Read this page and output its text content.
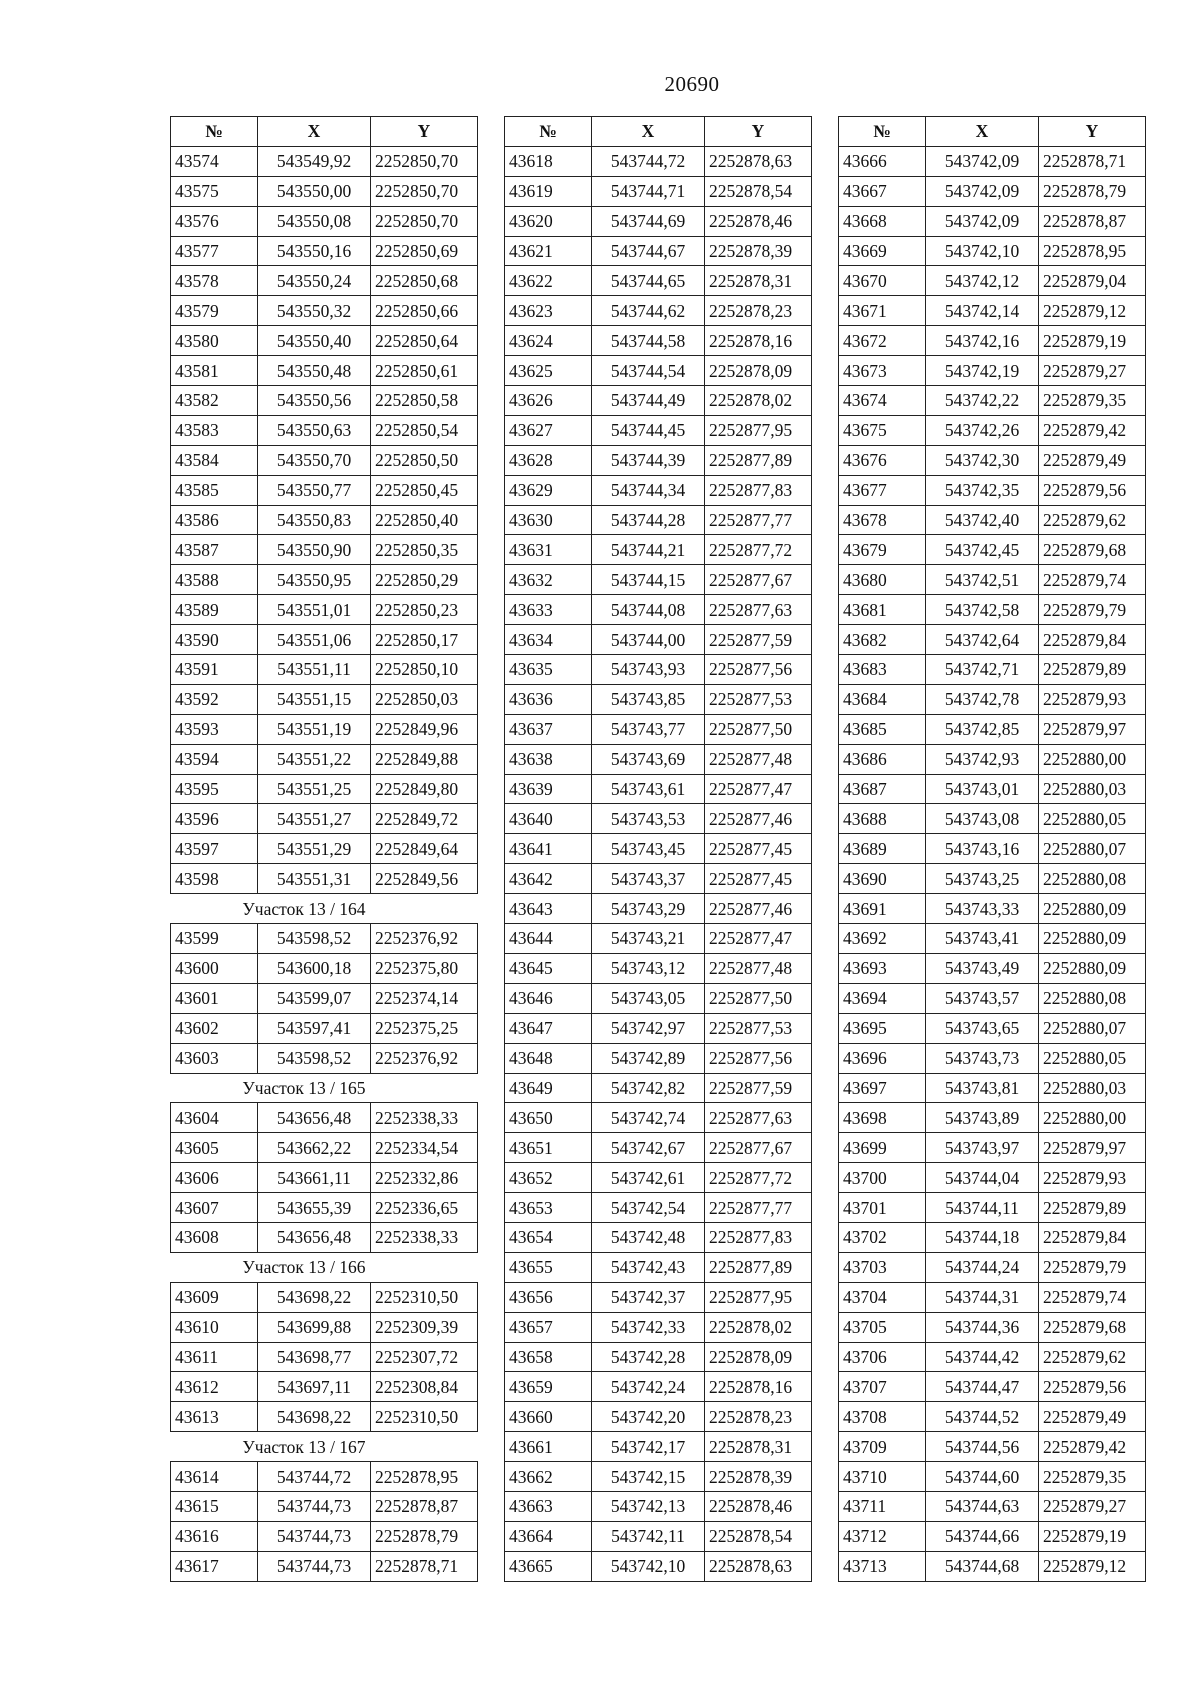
20690
№	X	Y
43574	543549,92	2252850,70
43575	543550,00	2252850,70
43576	543550,08	2252850,70
43577	543550,16	2252850,69
43578	543550,24	2252850,68
43579	543550,32	2252850,66
43580	543550,40	2252850,64
43581	543550,48	2252850,61
43582	543550,56	2252850,58
43583	543550,63	2252850,54
43584	543550,70	2252850,50
43585	543550,77	2252850,45
43586	543550,83	2252850,40
43587	543550,90	2252850,35
43588	543550,95	2252850,29
43589	543551,01	2252850,23
43590	543551,06	2252850,17
43591	543551,11	2252850,10
43592	543551,15	2252850,03
43593	543551,19	2252849,96
43594	543551,22	2252849,88
43595	543551,25	2252849,80
43596	543551,27	2252849,72
43597	543551,29	2252849,64
43598	543551,31	2252849,56
Участок 13 / 164		
43599	543598,52	2252376,92
43600	543600,18	2252375,80
43601	543599,07	2252374,14
43602	543597,41	2252375,25
43603	543598,52	2252376,92
Участок 13 / 165		
43604	543656,48	2252338,33
43605	543662,22	2252334,54
43606	543661,11	2252332,86
43607	543655,39	2252336,65
43608	543656,48	2252338,33
Участок 13 / 166		
43609	543698,22	2252310,50
43610	543699,88	2252309,39
43611	543698,77	2252307,72
43612	543697,11	2252308,84
43613	543698,22	2252310,50
Участок 13 / 167		
43614	543744,72	2252878,95
43615	543744,73	2252878,87
43616	543744,73	2252878,79
43617	543744,73	2252878,71
№	X	Y
43618	543744,72	2252878,63
43619	543744,71	2252878,54
43620	543744,69	2252878,46
43621	543744,67	2252878,39
43622	543744,65	2252878,31
43623	543744,62	2252878,23
43624	543744,58	2252878,16
43625	543744,54	2252878,09
43626	543744,49	2252878,02
43627	543744,45	2252877,95
43628	543744,39	2252877,89
43629	543744,34	2252877,83
43630	543744,28	2252877,77
43631	543744,21	2252877,72
43632	543744,15	2252877,67
43633	543744,08	2252877,63
43634	543744,00	2252877,59
43635	543743,93	2252877,56
43636	543743,85	2252877,53
43637	543743,77	2252877,50
43638	543743,69	2252877,48
43639	543743,61	2252877,47
43640	543743,53	2252877,46
43641	543743,45	2252877,45
43642	543743,37	2252877,45
43643	543743,29	2252877,46
43644	543743,21	2252877,47
43645	543743,12	2252877,48
43646	543743,05	2252877,50
43647	543742,97	2252877,53
43648	543742,89	2252877,56
43649	543742,82	2252877,59
43650	543742,74	2252877,63
43651	543742,67	2252877,67
43652	543742,61	2252877,72
43653	543742,54	2252877,77
43654	543742,48	2252877,83
43655	543742,43	2252877,89
43656	543742,37	2252877,95
43657	543742,33	2252878,02
43658	543742,28	2252878,09
43659	543742,24	2252878,16
43660	543742,20	2252878,23
43661	543742,17	2252878,31
43662	543742,15	2252878,39
43663	543742,13	2252878,46
43664	543742,11	2252878,54
43665	543742,10	2252878,63
№	X	Y
43666	543742,09	2252878,71
43667	543742,09	2252878,79
43668	543742,09	2252878,87
43669	543742,10	2252878,95
43670	543742,12	2252879,04
43671	543742,14	2252879,12
43672	543742,16	2252879,19
43673	543742,19	2252879,27
43674	543742,22	2252879,35
43675	543742,26	2252879,42
43676	543742,30	2252879,49
43677	543742,35	2252879,56
43678	543742,40	2252879,62
43679	543742,45	2252879,68
43680	543742,51	2252879,74
43681	543742,58	2252879,79
43682	543742,64	2252879,84
43683	543742,71	2252879,89
43684	543742,78	2252879,93
43685	543742,85	2252879,97
43686	543742,93	2252880,00
43687	543743,01	2252880,03
43688	543743,08	2252880,05
43689	543743,16	2252880,07
43690	543743,25	2252880,08
43691	543743,33	2252880,09
43692	543743,41	2252880,09
43693	543743,49	2252880,09
43694	543743,57	2252880,08
43695	543743,65	2252880,07
43696	543743,73	2252880,05
43697	543743,81	2252880,03
43698	543743,89	2252880,00
43699	543743,97	2252879,97
43700	543744,04	2252879,93
43701	543744,11	2252879,89
43702	543744,18	2252879,84
43703	543744,24	2252879,79
43704	543744,31	2252879,74
43705	543744,36	2252879,68
43706	543744,42	2252879,62
43707	543744,47	2252879,56
43708	543744,52	2252879,49
43709	543744,56	2252879,42
43710	543744,60	2252879,35
43711	543744,63	2252879,27
43712	543744,66	2252879,19
43713	543744,68	2252879,12
